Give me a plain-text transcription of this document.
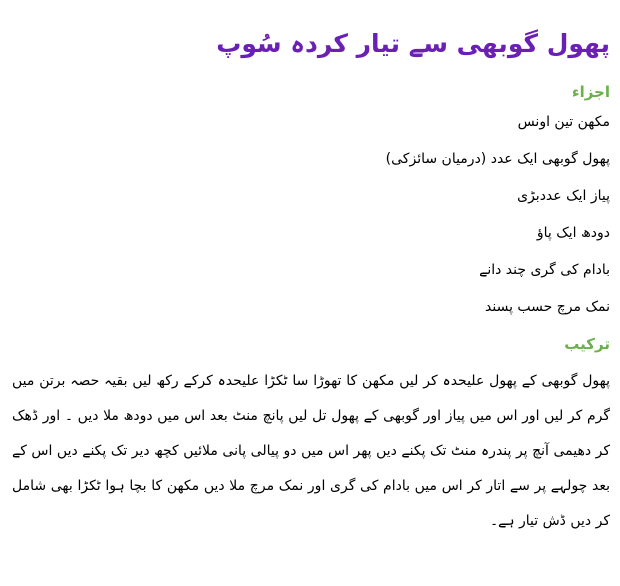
پھول گوبھی سے تیار کردہ سُوپ
اجزاء
مکھن تین اونس
پھول گوبھی ایک عدد (درمیان سائزکی)
پیاز ایک عددبڑی
دودھ ایک پاؤ
بادام کی گری چند دانے
نمک مرچ حسب پسند
ترکیب

پھول گوبھی کے پھول علیحدہ کر لیں مکھن کا تھوڑا سا ٹکڑا علیحدہ کرکے رکھ لیں بقیہ حصہ برتن میں گرم کر لیں اور اس میں پیاز اور گوبھی کے پھول تل لیں پانچ منٹ بعد اس میں دودھ ملا دیں ۔ اور ڈھک کر دھیمی آنچ پر پندرہ منٹ تک پکنے دیں پھر اس میں دو پیالی پانی ملائیں کچھ دیر تک پکنے دیں اس کے بعد چولہے پر سے اتار کر اس میں بادام کی گری اور نمک مرچ ملا دیں مکھن کا بچا ہوا ٹکڑا بھی شامل کر دیں ڈش تیار ہے۔
